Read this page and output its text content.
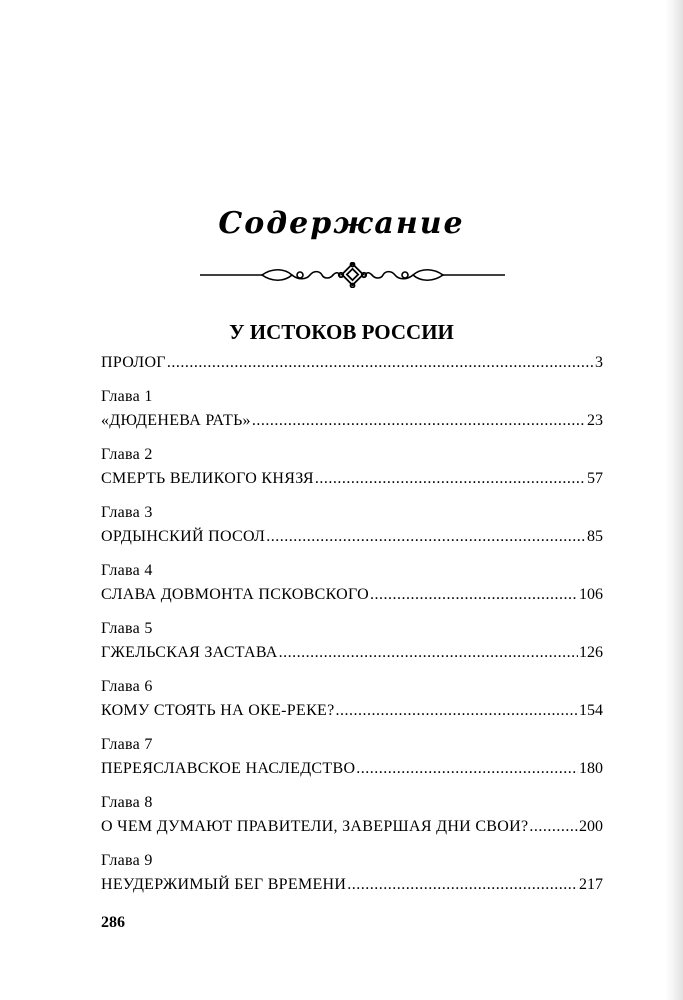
Содержание
У ИСТОКОВ РОССИИ
ПРОЛОГ .....	3
Глава 1
«ДЮДЕНЕВА РАТЬ» .....	23
Глава 2
СМЕРТЬ ВЕЛИКОГО КНЯЗЯ .....	57
Глава 3
ОРДЫНСКИЙ ПОСОЛ .....	85
Глава 4
СЛАВА ДОВМОНТА ПСКОВСКОГО .....	106
Глава 5
ГЖЕЛЬСКАЯ ЗАСТАВА .....	126
Глава 6
КОМУ СТОЯТЬ НА ОКЕ-РЕКЕ? .....	154
Глава 7
ПЕРЕЯСЛАВСКОЕ НАСЛЕДСТВО .....	180
Глава 8
О ЧЕМ ДУМАЮТ ПРАВИТЕЛИ, ЗАВЕРШАЯ ДНИ СВОИ? .....	200
Глава 9
НЕУДЕРЖИМЫЙ БЕГ ВРЕМЕНИ .....	217
286
